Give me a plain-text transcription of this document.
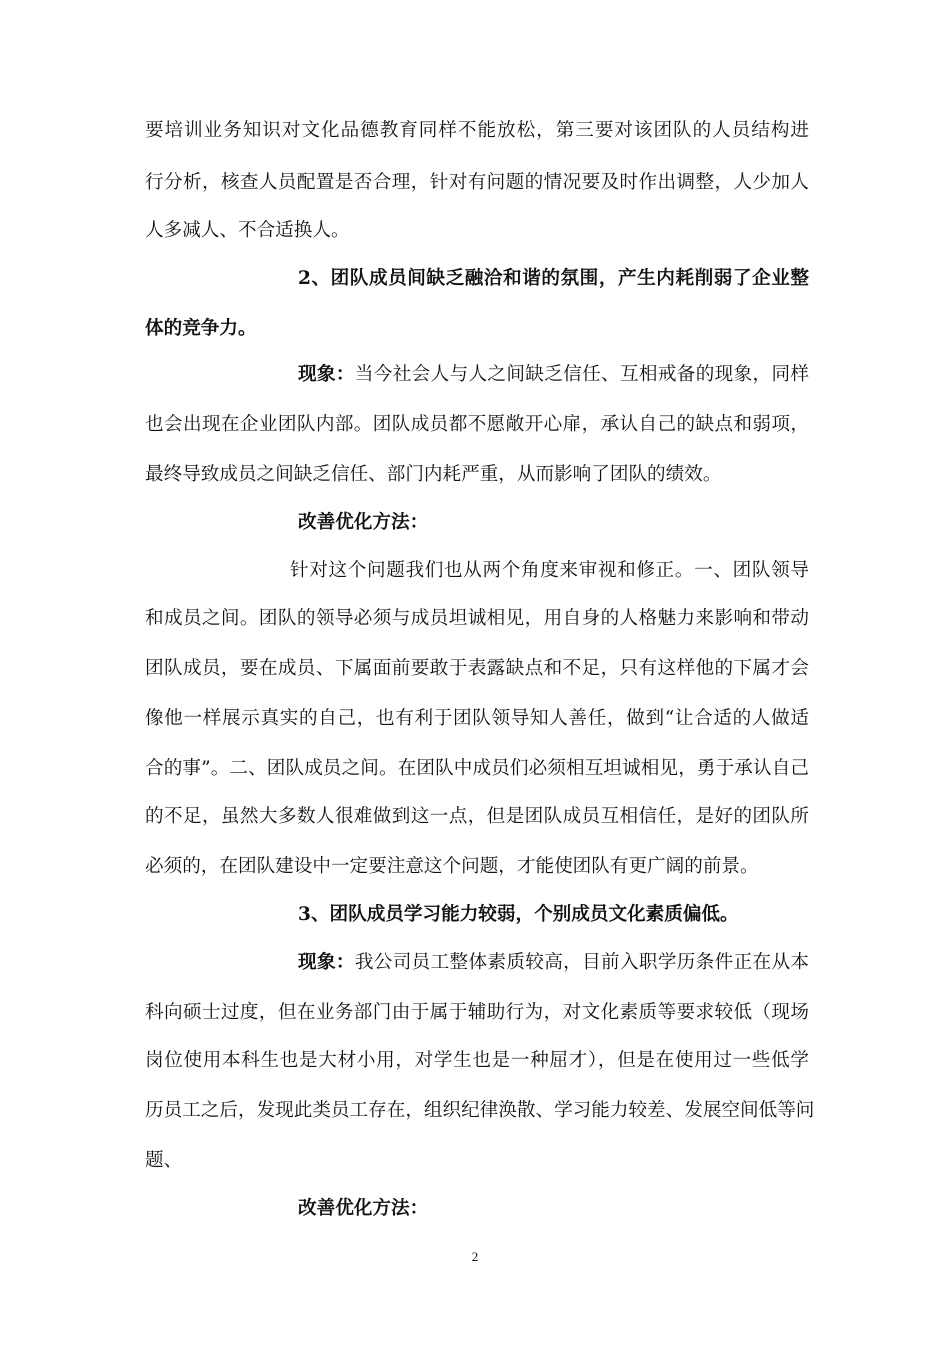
要培训业务知识对文化品德教育同样不能放松，第三要对该团队的人员结构进
行分析，核查人员配置是否合理，针对有问题的情况要及时作出调整，人少加人
人多减人、不合适换人。
2、团队成员间缺乏融洽和谐的氛围，产生内耗削弱了企业整
体的竞争力。
现象：当今社会人与人之间缺乏信任、互相戒备的现象，同样
也会出现在企业团队内部。团队成员都不愿敞开心扉，承认自己的缺点和弱项，
最终导致成员之间缺乏信任、部门内耗严重，从而影响了团队的绩效。
改善优化方法：
针对这个问题我们也从两个角度来审视和修正。一、团队领导
和成员之间。团队的领导必须与成员坦诚相见，用自身的人格魅力来影响和带动
团队成员，要在成员、下属面前要敢于表露缺点和不足，只有这样他的下属才会
像他一样展示真实的自己，也有利于团队领导知人善任，做到“让合适的人做适
合的事”。二、团队成员之间。在团队中成员们必须相互坦诚相见，勇于承认自己
的不足，虽然大多数人很难做到这一点，但是团队成员互相信任，是好的团队所
必须的，在团队建设中一定要注意这个问题，才能使团队有更广阔的前景。
3、团队成员学习能力较弱，个别成员文化素质偏低。
现象：我公司员工整体素质较高，目前入职学历条件正在从本
科向硕士过度，但在业务部门由于属于辅助行为，对文化素质等要求较低（现场
岗位使用本科生也是大材小用，对学生也是一种屈才），但是在使用过一些低学
历员工之后，发现此类员工存在，组织纪律涣散、学习能力较差、发展空间低等问
题、
改善优化方法：
2
